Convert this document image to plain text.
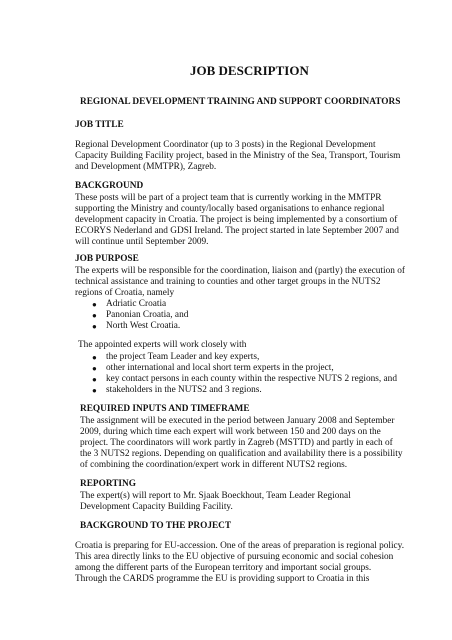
JOB DESCRIPTION
REGIONAL DEVELOPMENT TRAINING AND SUPPORT COORDINATORS
JOB TITLE
Regional Development Coordinator (up to 3 posts) in the Regional Development
Capacity Building Facility project, based in the Ministry of the Sea, Transport, Tourism
and Development (MMTPR), Zagreb.
BACKGROUND
These posts will be part of a project team that is currently working in the MMTPR
supporting the Ministry and county/locally based organisations to enhance regional
development capacity in Croatia. The project is being implemented by a consortium of
ECORYS Nederland and GDSI Ireland. The project started in late September 2007 and
will continue until September 2009.
JOB PURPOSE
The experts will be responsible for the coordination, liaison and (partly) the execution of
technical assistance and training to counties and other target groups in the NUTS2
regions of Croatia, namely
● Adriatic Croatia
● Panonian Croatia, and
● North West Croatia.
The appointed experts will work closely with
● the project Team Leader and key experts,
● other international and local short term experts in the project,
● key contact persons in each county within the respective NUTS 2 regions, and
● stakeholders in the NUTS2 and 3 regions.
REQUIRED INPUTS AND TIMEFRAME
The assignment will be executed in the period between January 2008 and September
2009, during which time each expert will work between 150 and 200 days on the
project. The coordinators will work partly in Zagreb (MSTTD) and partly in each of
the 3 NUTS2 regions. Depending on qualification and availability there is a possibility
of combining the coordination/expert work in different NUTS2 regions.
REPORTING
The expert(s) will report to Mr. Sjaak Boeckhout, Team Leader Regional
Development Capacity Building Facility.
BACKGROUND TO THE PROJECT
Croatia is preparing for EU-accession. One of the areas of preparation is regional policy.
This area directly links to the EU objective of pursuing economic and social cohesion
among the different parts of the European territory and important social groups.
Through the CARDS programme the EU is providing support to Croatia in this
